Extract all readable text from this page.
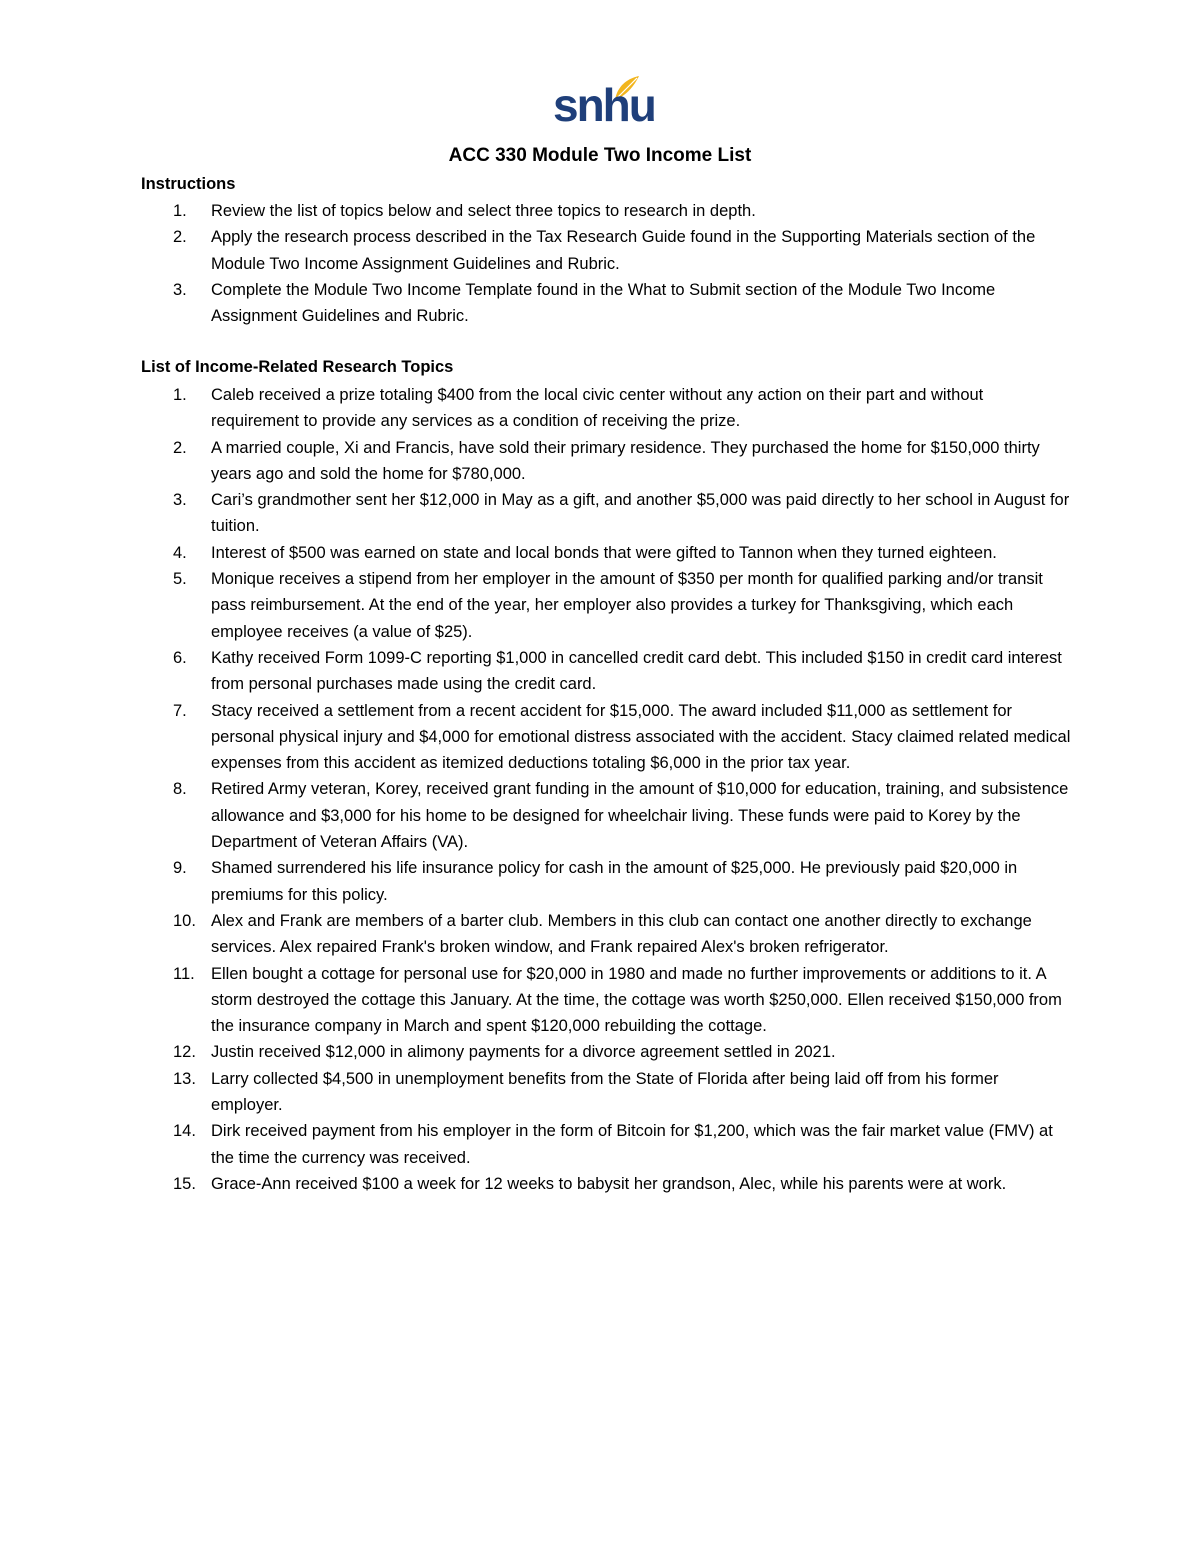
snhu
ACC 330 Module Two Income List
Instructions
1. Review the list of topics below and select three topics to research in depth.
2. Apply the research process described in the Tax Research Guide found in the Supporting Materials section of the Module Two Income Assignment Guidelines and Rubric.
3. Complete the Module Two Income Template found in the What to Submit section of the Module Two Income Assignment Guidelines and Rubric.
List of Income-Related Research Topics
1. Caleb received a prize totaling $400 from the local civic center without any action on their part and without requirement to provide any services as a condition of receiving the prize.
2. A married couple, Xi and Francis, have sold their primary residence. They purchased the home for $150,000 thirty years ago and sold the home for $780,000.
3. Cari’s grandmother sent her $12,000 in May as a gift, and another $5,000 was paid directly to her school in August for tuition.
4. Interest of $500 was earned on state and local bonds that were gifted to Tannon when they turned eighteen.
5. Monique receives a stipend from her employer in the amount of $350 per month for qualified parking and/or transit pass reimbursement. At the end of the year, her employer also provides a turkey for Thanksgiving, which each employee receives (a value of $25).
6. Kathy received Form 1099-C reporting $1,000 in cancelled credit card debt. This included $150 in credit card interest from personal purchases made using the credit card.
7. Stacy received a settlement from a recent accident for $15,000. The award included $11,000 as settlement for personal physical injury and $4,000 for emotional distress associated with the accident. Stacy claimed related medical expenses from this accident as itemized deductions totaling $6,000 in the prior tax year.
8. Retired Army veteran, Korey, received grant funding in the amount of $10,000 for education, training, and subsistence allowance and $3,000 for his home to be designed for wheelchair living. These funds were paid to Korey by the Department of Veteran Affairs (VA).
9. Shamed surrendered his life insurance policy for cash in the amount of $25,000. He previously paid $20,000 in premiums for this policy.
10. Alex and Frank are members of a barter club. Members in this club can contact one another directly to exchange services. Alex repaired Frank's broken window, and Frank repaired Alex's broken refrigerator.
11. Ellen bought a cottage for personal use for $20,000 in 1980 and made no further improvements or additions to it. A storm destroyed the cottage this January. At the time, the cottage was worth $250,000. Ellen received $150,000 from the insurance company in March and spent $120,000 rebuilding the cottage.
12. Justin received $12,000 in alimony payments for a divorce agreement settled in 2021.
13. Larry collected $4,500 in unemployment benefits from the State of Florida after being laid off from his former employer.
14. Dirk received payment from his employer in the form of Bitcoin for $1,200, which was the fair market value (FMV) at the time the currency was received.
15. Grace-Ann received $100 a week for 12 weeks to babysit her grandson, Alec, while his parents were at work.
